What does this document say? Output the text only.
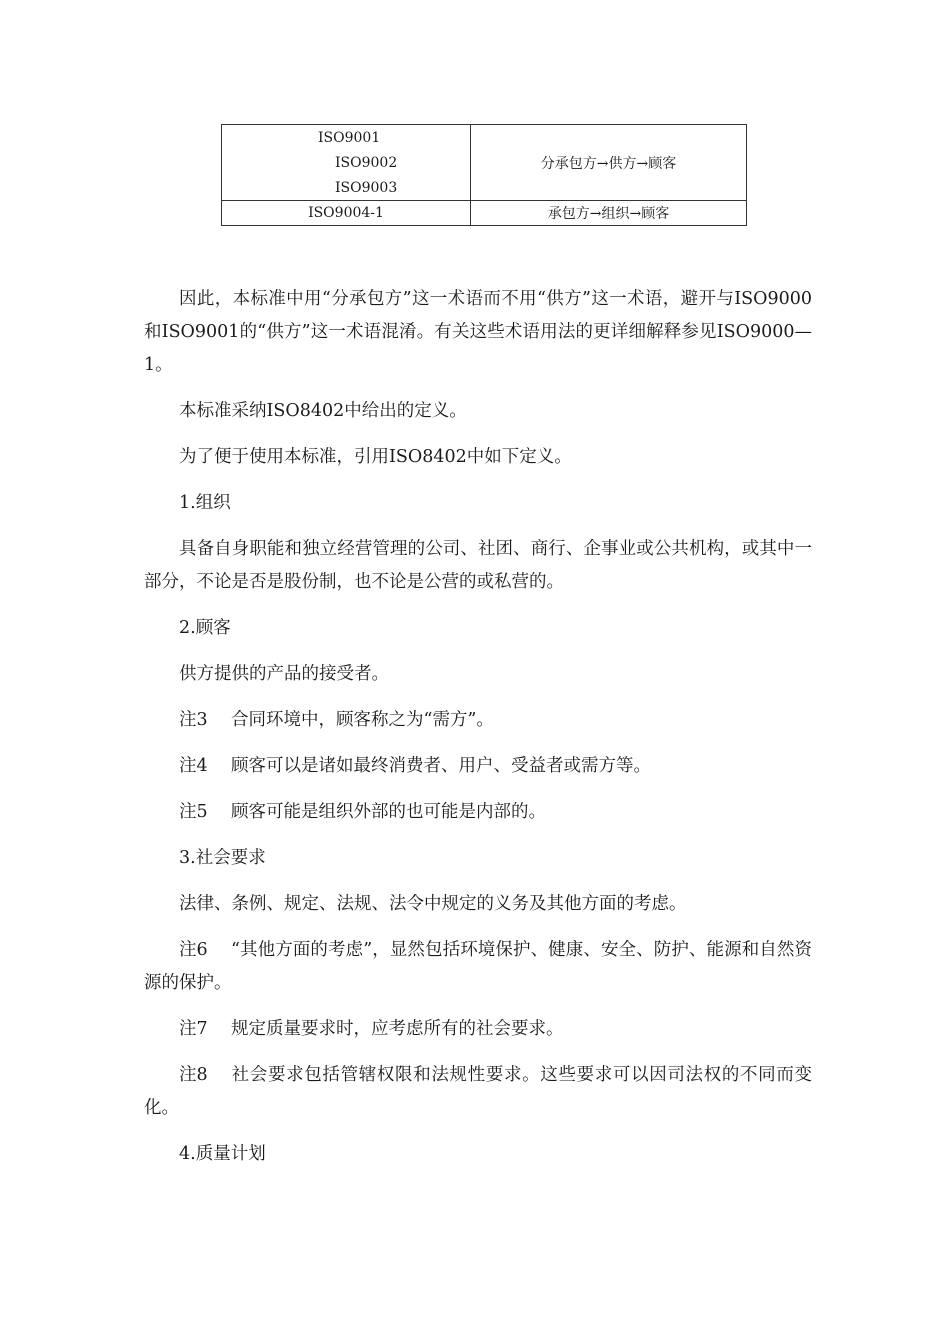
ISO9001
ISO9002
ISO9003	分承包方→供方→顾客
ISO9004-1	承包方→组织→顾客

因此，本标准中用“分承包方”这一术语而不用“供方”这一术语，避开与ISO9000和ISO9001的“供方”这一术语混淆。有关这些术语用法的更详细解释参见ISO9000—1。

本标准采纳ISO8402中给出的定义。

为了便于使用本标准，引用ISO8402中如下定义。

1.组织

具备自身职能和独立经营管理的公司、社团、商行、企事业或公共机构，或其中一部分，不论是否是股份制，也不论是公营的或私营的。

2.顾客

供方提供的产品的接受者。

注3 合同环境中，顾客称之为“需方”。

注4 顾客可以是诸如最终消费者、用户、受益者或需方等。

注5 顾客可能是组织外部的也可能是内部的。

3.社会要求

法律、条例、规定、法规、法令中规定的义务及其他方面的考虑。

注6 “其他方面的考虑”，显然包括环境保护、健康、安全、防护、能源和自然资源的保护。

注7 规定质量要求时，应考虑所有的社会要求。

注8 社会要求包括管辖权限和法规性要求。这些要求可以因司法权的不同而变化。

4.质量计划
